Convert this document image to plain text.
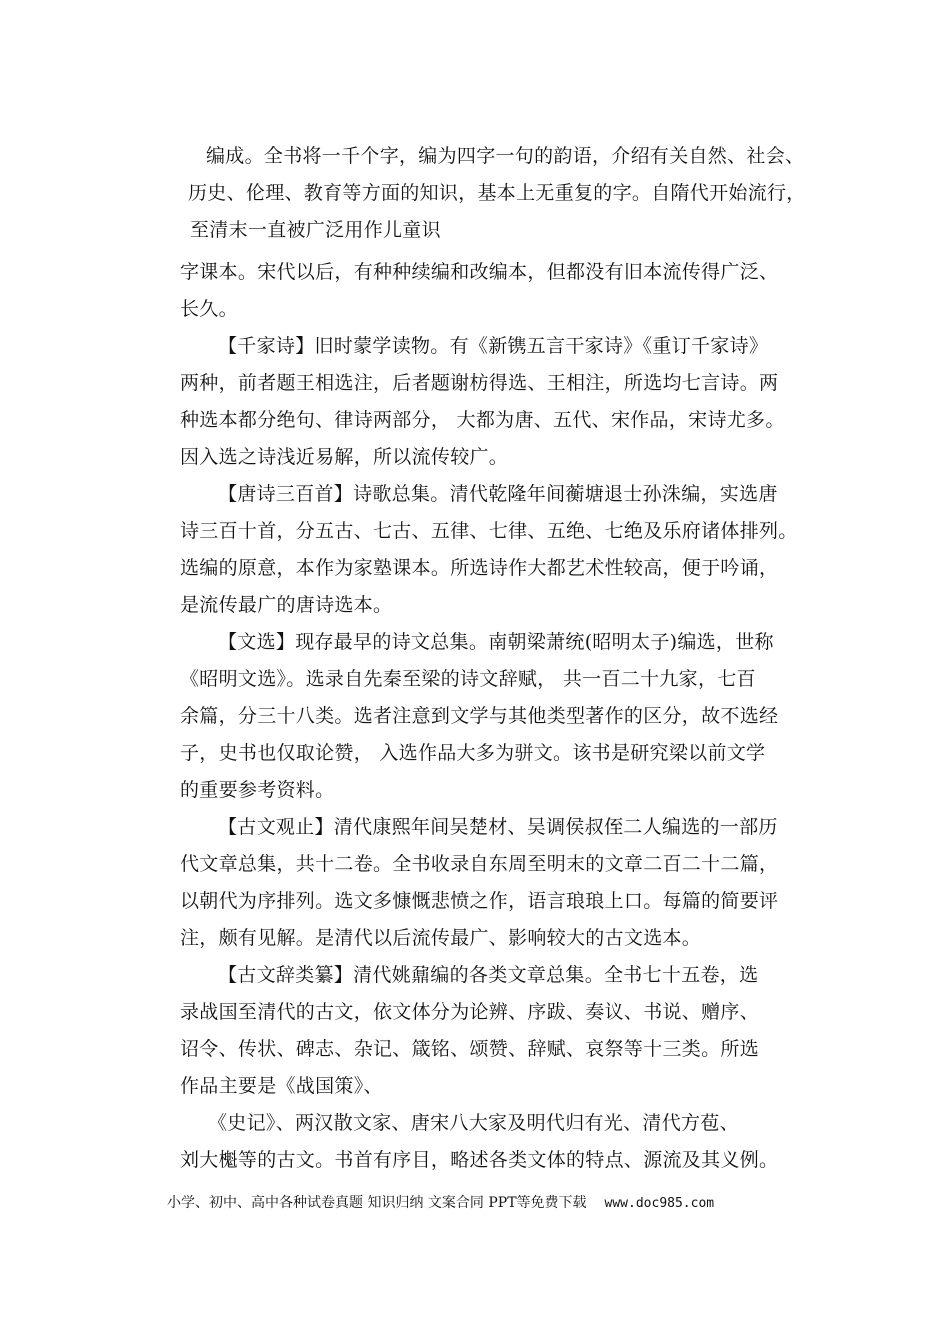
编成。全书将一千个字，编为四字一句的韵语，介绍有关自然、社会、
历史、伦理、教育等方面的知识，基本上无重复的字。自隋代开始流行，
至清末一直被广泛用作儿童识
字课本。宋代以后，有种种续编和改编本，但都没有旧本流传得广泛、
长久。
【千家诗】旧时蒙学读物。有《新镌五言干家诗》《重订千家诗》
两种，前者题王相选注，后者题谢枋得选、王相注，所选均七言诗。两
种选本都分绝句、律诗两部分， 大都为唐、五代、宋作品，宋诗尤多。
因入选之诗浅近易解，所以流传较广。
【唐诗三百首】诗歌总集。清代乾隆年间蘅塘退士孙洙编，实选唐
诗三百十首，分五古、七古、五律、七律、五绝、七绝及乐府诸体排列。
选编的原意，本作为家塾课本。所选诗作大都艺术性较高，便于吟诵，
是流传最广的唐诗选本。
【文选】现存最早的诗文总集。南朝梁萧统(昭明太子)编选，世称
《昭明文选》。选录自先秦至梁的诗文辞赋， 共一百二十九家，七百
余篇，分三十八类。选者注意到文学与其他类型著作的区分，故不选经
子，史书也仅取论赞， 入选作品大多为骈文。该书是研究梁以前文学
的重要参考资料。
【古文观止】清代康熙年间吴楚材、吴调侯叔侄二人编选的一部历
代文章总集，共十二卷。全书收录自东周至明末的文章二百二十二篇，
以朝代为序排列。选文多慷慨悲愤之作，语言琅琅上口。每篇的简要评
注，颇有见解。是清代以后流传最广、影响较大的古文选本。
【古文辞类纂】清代姚鼐编的各类文章总集。全书七十五卷，选
录战国至清代的古文，依文体分为论辨、序跋、奏议、书说、赠序、
诏令、传状、碑志、杂记、箴铭、颂赞、辞赋、哀祭等十三类。所选
作品主要是《战国策》、
《史记》、两汉散文家、唐宋八大家及明代归有光、清代方苞、
刘大櫆等的古文。书首有序目，略述各类文体的特点、源流及其义例。
小学、初中、高中各种试卷真题 知识归纳 文案合同 PPT等免费下载 www.doc985.com
